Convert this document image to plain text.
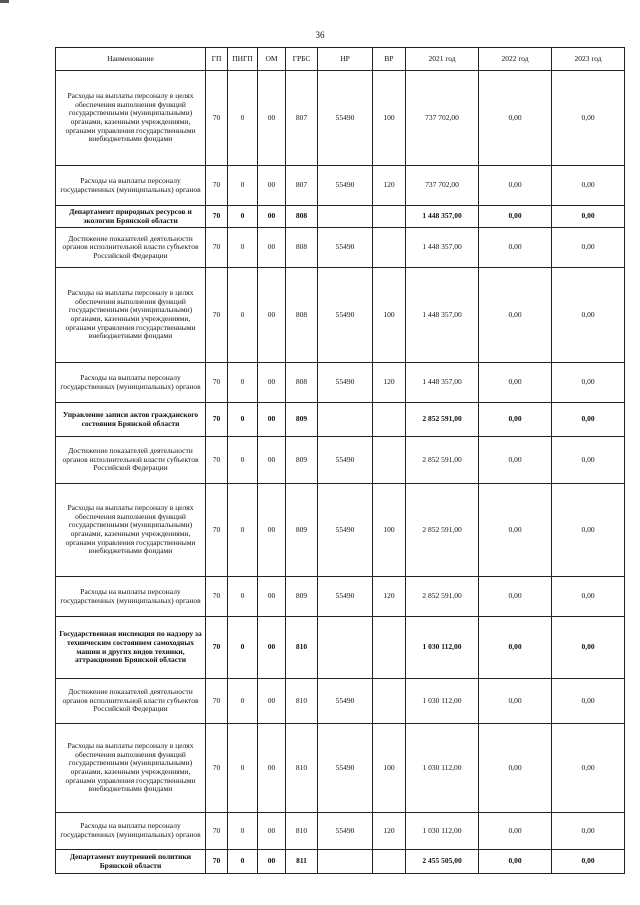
36
Наименование	ГП	ПНГП	ОМ	ГРБС	НР	ВР	2021 год	2022 год	2023 год
Расходы на выплаты персоналу в целях обеспечения выполнения функций государственными (муниципальными) органами, казенными учреждениями, органами управления государственными внебюджетными фондами	70	0	00	807	55490	100	737 702,00	0,00	0,00
Расходы на выплаты персоналу государственных (муниципальных) органов	70	0	00	807	55490	120	737 702,00	0,00	0,00
Департамент природных ресурсов и экологии Брянской области	70	0	00	808			1 448 357,00	0,00	0,00
Достижение показателей деятельности органов исполнительной власти субъектов Российской Федерации	70	0	00	808	55490		1 448 357,00	0,00	0,00
Расходы на выплаты персоналу в целях обеспечения выполнения функций государственными (муниципальными) органами, казенными учреждениями, органами управления государственными внебюджетными фондами	70	0	00	808	55490	100	1 448 357,00	0,00	0,00
Расходы на выплаты персоналу государственных (муниципальных) органов	70	0	00	808	55490	120	1 448 357,00	0,00	0,00
Управление записи актов гражданского состояния Брянской области	70	0	00	809			2 852 591,00	0,00	0,00
Достижение показателей деятельности органов исполнительной власти субъектов Российской Федерации	70	0	00	809	55490		2 852 591,00	0,00	0,00
Расходы на выплаты персоналу в целях обеспечения выполнения функций государственными (муниципальными) органами, казенными учреждениями, органами управления государственными внебюджетными фондами	70	0	00	809	55490	100	2 852 591,00	0,00	0,00
Расходы на выплаты персоналу государственных (муниципальных) органов	70	0	00	809	55490	120	2 852 591,00	0,00	0,00
Государственная инспекция по надзору за техническим состоянием самоходных машин и других видов техники, аттракционов Брянской области	70	0	00	810			1 030 112,00	0,00	0,00
Достижение показателей деятельности органов исполнительной власти субъектов Российской Федерации	70	0	00	810	55490		1 030 112,00	0,00	0,00
Расходы на выплаты персоналу в целях обеспечения выполнения функций государственными (муниципальными) органами, казенными учреждениями, органами управления государственными внебюджетными фондами	70	0	00	810	55490	100	1 030 112,00	0,00	0,00
Расходы на выплаты персоналу государственных (муниципальных) органов	70	0	00	810	55490	120	1 030 112,00	0,00	0,00
Департамент внутренней политики Брянской области	70	0	00	811			2 455 505,00	0,00	0,00
